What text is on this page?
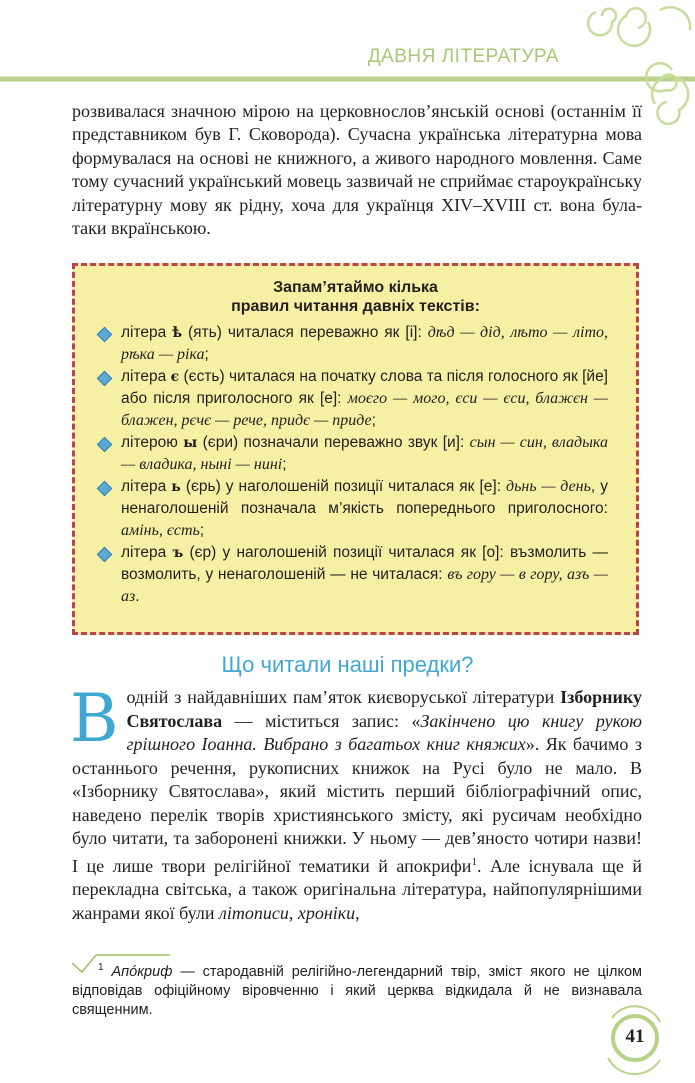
ДАВНЯ ЛІТЕРАТУРА

розвивалася значною мірою на церковнослов’янській основі (останнім її представником був Г. Сковорода). Сучасна українська літературна мова формувалася на основі не книжного, а живого народного мовлення. Саме тому сучасний український мовець зазвичай не сприймає староукраїнську літературну мову як рідну, хоча для українця XIV–XVIII ст. вона була-таки вкраїнською.

Запам’ятаймо кілька
правил читання давніх текстів:
літера ѣ (ять) читалася переважно як [і]: дѣд — дід, лѣто — літо, рѣка — ріка;
літера є (єсть) читалася на початку слова та після голосного як [йе] або після приголосного як [е]: моєго — мого, єси — єси, блажєн — блажен, рєчє — рече, придє — приде;
літерою ы (єри) позначали переважно звук [и]: сын — син, владыка — владика, ныні — нині;
літера ь (єрь) у наголошеній позиції читалася як [е]: дьнь — день, у ненаголошеній позначала м’якість попереднього приголосного: амінь, єсть;
літера ъ (єр) у наголошеній позиції читалася як [о]: възмолить — возмолить, у ненаголошеній — не читалася: въ гору — в гору, азъ — аз.
Що читали наші предки?
В одній з найдавніших пам’яток києворуської літератури Ізборнику Святослава — міститься запис: «Закінчено цю книгу рукою грішного Іоанна. Вибрано з багатьох книг княжих». Як бачимо з останнього речення, рукописних книжок на Русі було не мало. В «Ізборнику Святослава», який містить перший бібліографічний опис, наведено перелік творів християнського змісту, які русичам необхідно було читати, та заборонені книжки. У ньому — дев’яносто чотири назви! І це лише твори релігійної тематики й апокрифи$^1$. Але існувала ще й перекладна світська, а також оригінальна література, найпопулярнішими жанрами якої були літописи, хроніки,
$^1$ Апóкриф — стародавній релігійно-легендарний твір, зміст якого не цілком відповідав офіційному віровченню і який церква відкидала й не визнавала священним.
41
